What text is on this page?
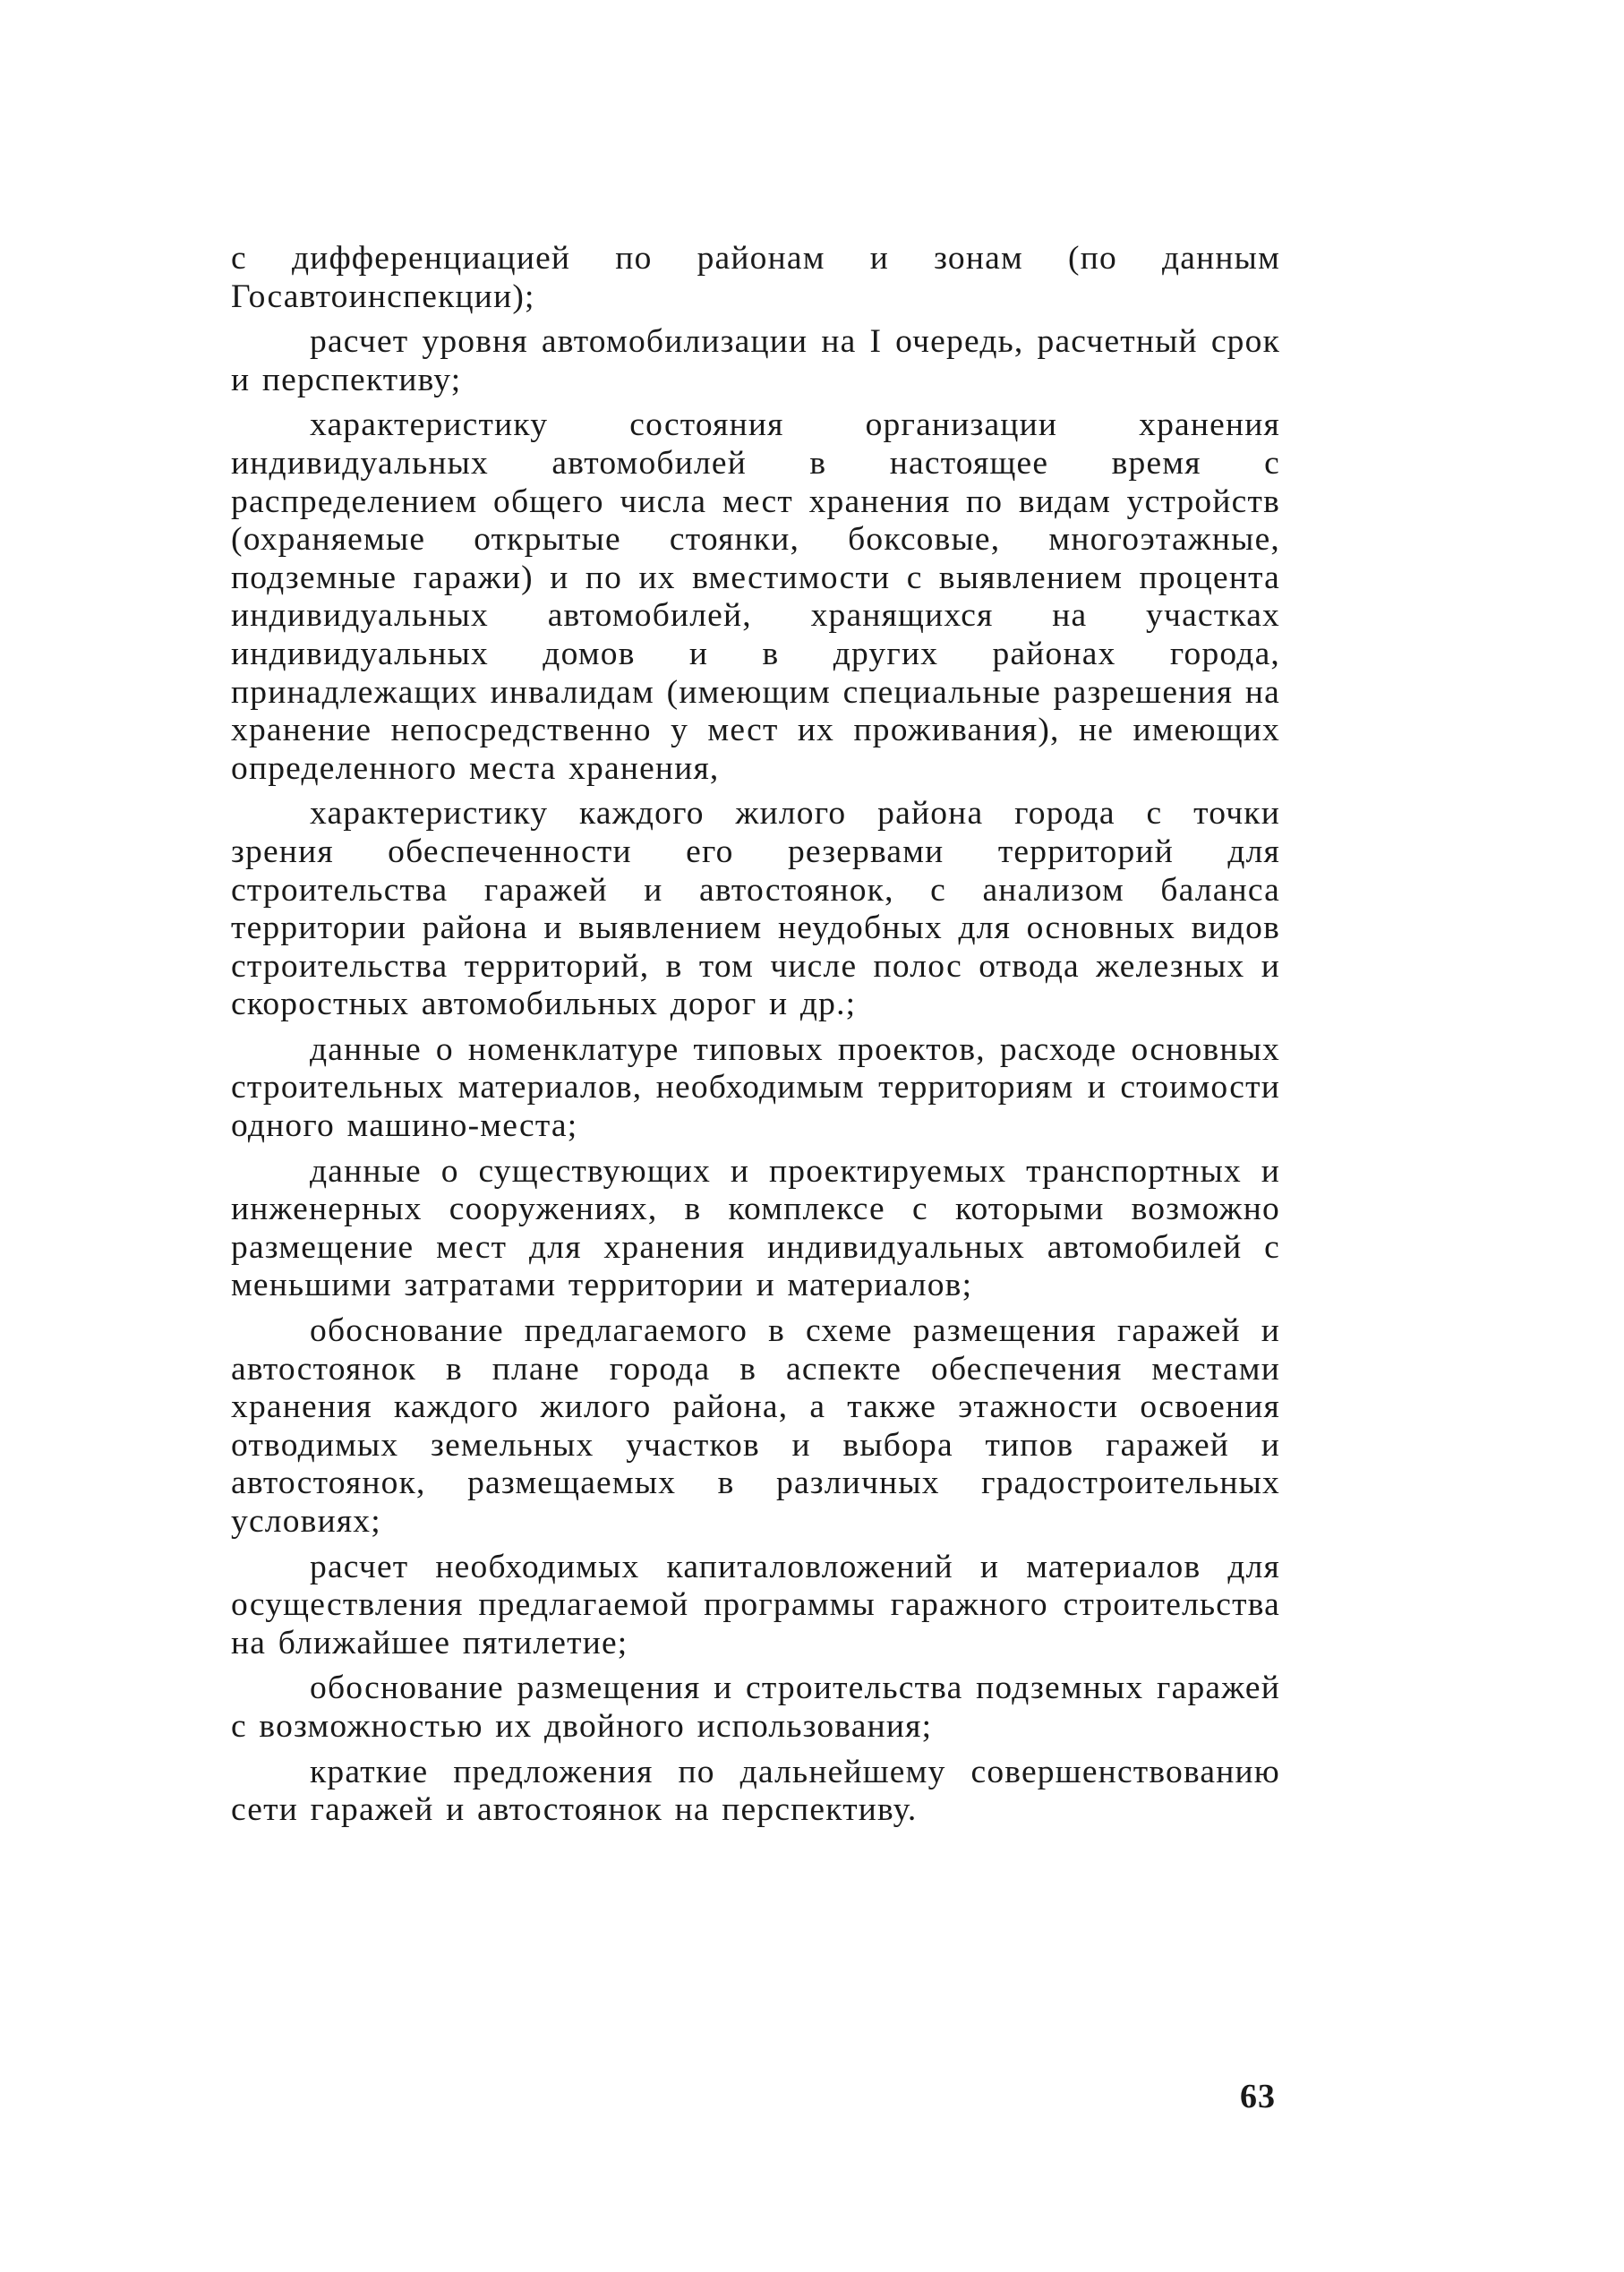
с дифференциацией по районам и зонам (по данным Госавтоинспекции);

расчет уровня автомобилизации на I очередь, расчетный срок и перспективу;

характеристику состояния организации хранения индивидуальных автомобилей в настоящее время с распределением общего числа мест хранения по видам устройств (охраняемые открытые стоянки, боксовые, многоэтажные, подземные гаражи) и по их вместимости с выявлением процента индивидуальных автомобилей, хранящихся на участках индивидуальных домов и в других районах города, принадлежащих инвалидам (имеющим специальные разрешения на хранение непосредственно у мест их проживания), не имеющих определенного места хранения,

характеристику каждого жилого района города с точки зрения обеспеченности его резервами территорий для строительства гаражей и автостоянок, с анализом баланса территории района и выявлением неудобных для основных видов строительства территорий, в том числе полос отвода железных и скоростных автомобильных дорог и др.;

данные о номенклатуре типовых проектов, расходе основных строительных материалов, необходимым территориям и стоимости одного машино-места;

данные о существующих и проектируемых транспортных и инженерных сооружениях, в комплексе с которыми возможно размещение мест для хранения индивидуальных автомобилей с меньшими затратами территории и материалов;

обоснование предлагаемого в схеме размещения гаражей и автостоянок в плане города в аспекте обеспечения местами хранения каждого жилого района, а также этажности освоения отводимых земельных участков и выбора типов гаражей и автостоянок, размещаемых в различных градостроительных условиях;

расчет необходимых капиталовложений и материалов для осуществления предлагаемой программы гаражного строительства на ближайшее пятилетие;

обоснование размещения и строительства подземных гаражей с возможностью их двойного использования;

краткие предложения по дальнейшему совершенствованию сети гаражей и автостоянок на перспективу.

63
